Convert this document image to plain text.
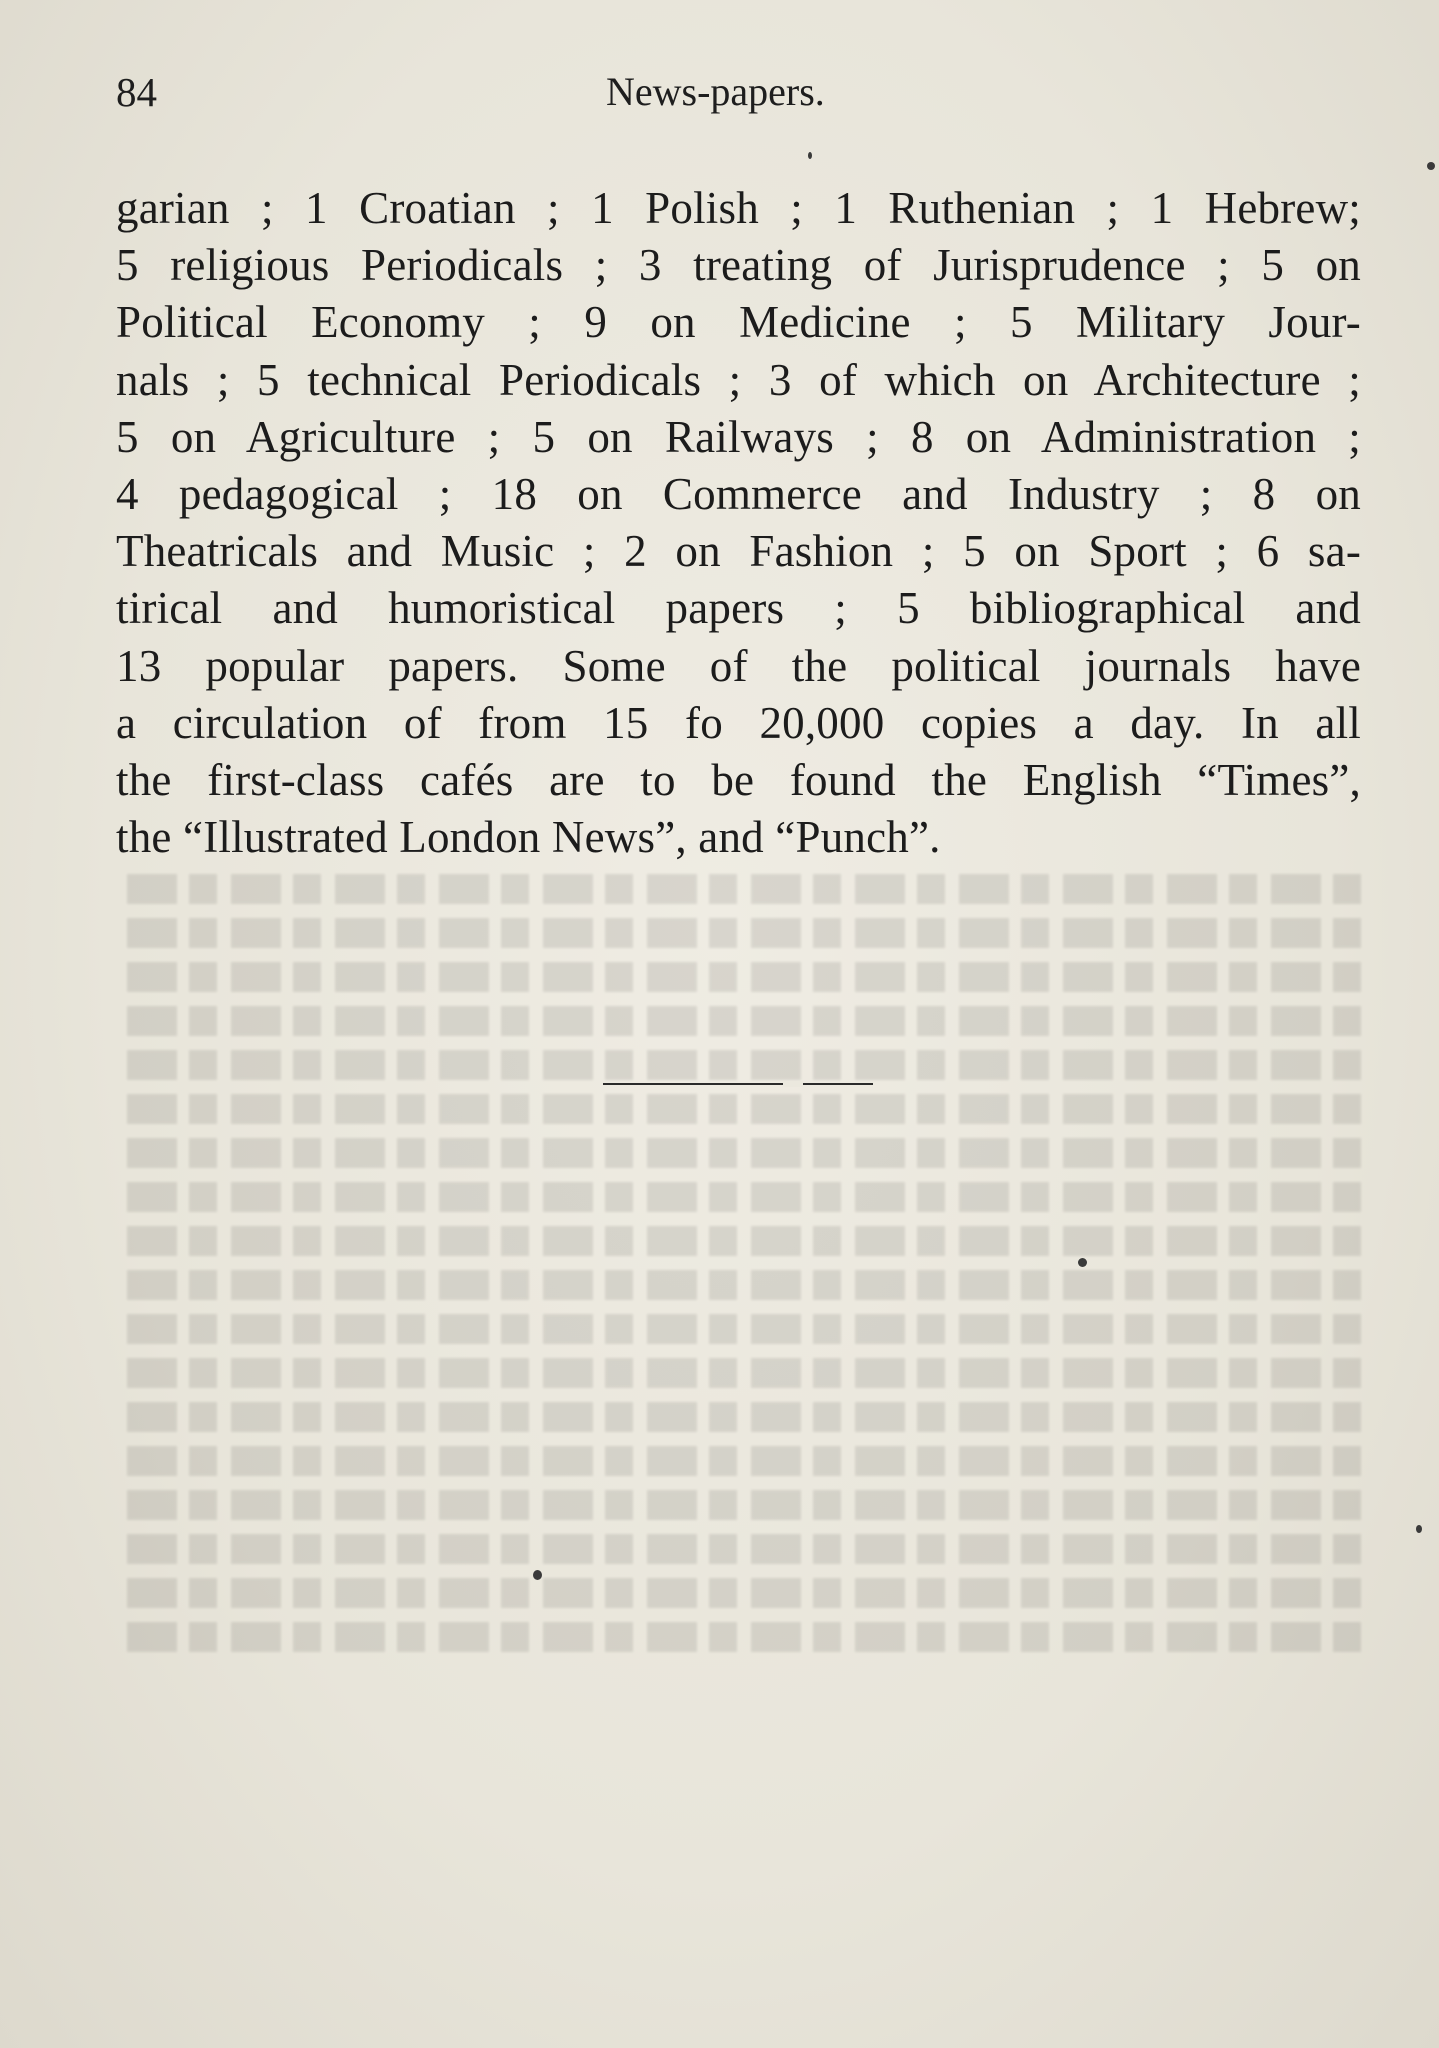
84	News-papers.
garian ; 1 Croatian ; 1 Polish ; 1 Ruthenian ; 1 Hebrew;
5 religious Periodicals ; 3 treating of Jurisprudence ; 5 on
Political Economy ; 9 on Medicine ; 5 Military Jour-
nals ; 5 technical Periodicals ; 3 of which on Architecture ;
5 on Agriculture ; 5 on Railways ; 8 on Administration ;
4 pedagogical ; 18 on Commerce and Industry ; 8 on
Theatricals and Music ; 2 on Fashion ; 5 on Sport ; 6 sa-
tirical and humoristical papers ; 5 bibliographical and
13 popular papers. Some of the political journals have
a circulation of from 15 fo 20,000 copies a day. In all
the first-class cafés are to be found the English “Times”,
the “Illustrated London News”, and “Punch”.
